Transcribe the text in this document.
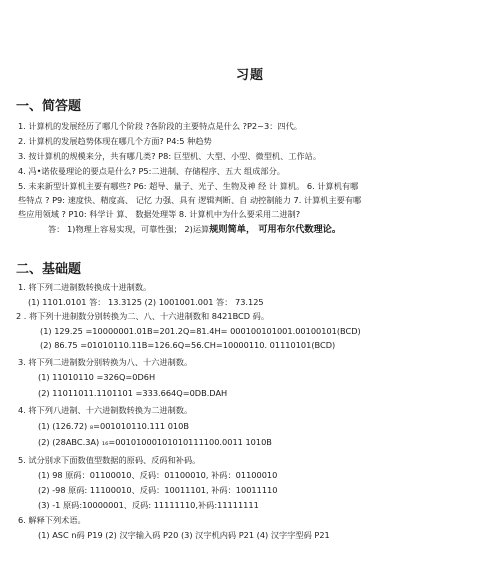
习题
一、简答题
1. 计算机的发展经历了哪几个阶段 ?各阶段的主要特点是什么 ?P2~3：四代。
2. 计算机的发展趋势体现在哪几个方面? P4:5 种趋势
3. 按计算机的规模来分，共有哪几类? P8: 巨型机、大型、小型、微型机、工作站。
4. 冯•诺依曼理论的要点是什么? P5:二进制、存储程序、五大 组成部分。
5. 未来新型计算机主要有哪些? P6: 超导、量子、光子、生物及神 经 计 算机。 6. 计算机有哪
些特点 ? P9: 速度快、精度高、 记忆 力强、具有 逻辑判断、自 动控制能力 7. 计算机主要有哪
些应用领域 ? P10: 科学计 算、 数据处理等 8. 计算机中为什么要采用二进制?
答： 1)物理上容易实现，可靠性强； 2)运算规则简单， 可用布尔代数理论。
二、基础题
1. 将下列二进制数转换成十进制数。
(1) 1101.0101 答： 13.3125 (2) 1001001.001 答： 73.125
2 . 将下列十进制数分别转换为二、八、十六进制数和 8421BCD 码。
(1) 129.25 =10000001.01B=201.2Q=81.4H= 000100101001.00100101(BCD)
(2) 86.75 =01010110.11B=126.6Q=56.CH=10000110. 01110101(BCD)
3. 将下列二进制数分别转换为八、十六进制数。
(1) 11010110 =326Q=0D6H
(2) 11011011.1101101 =333.664Q=0DB.DAH
4. 将下列八进制、十六进制数转换为二进制数。
(1) (126.72) ₈=001010110.111 010B
(2) (28ABC.3A) ₁₆=00101000101010111100.0011 1010B
5. 试分别求下面数值型数据的原码、反码和补码。
(1) 98 原码：01100010、反码：01100010, 补码：01100010
(2) -98 原码: 11100010、反码：10011101, 补码：10011110
(3) -1 原码:10000001、反码: 11111110,补码:11111111
6. 解释下列术语。
(1) ASC n码 P19 (2) 汉字输入码 P20 (3) 汉字机内码 P21 (4) 汉字字型码 P21
